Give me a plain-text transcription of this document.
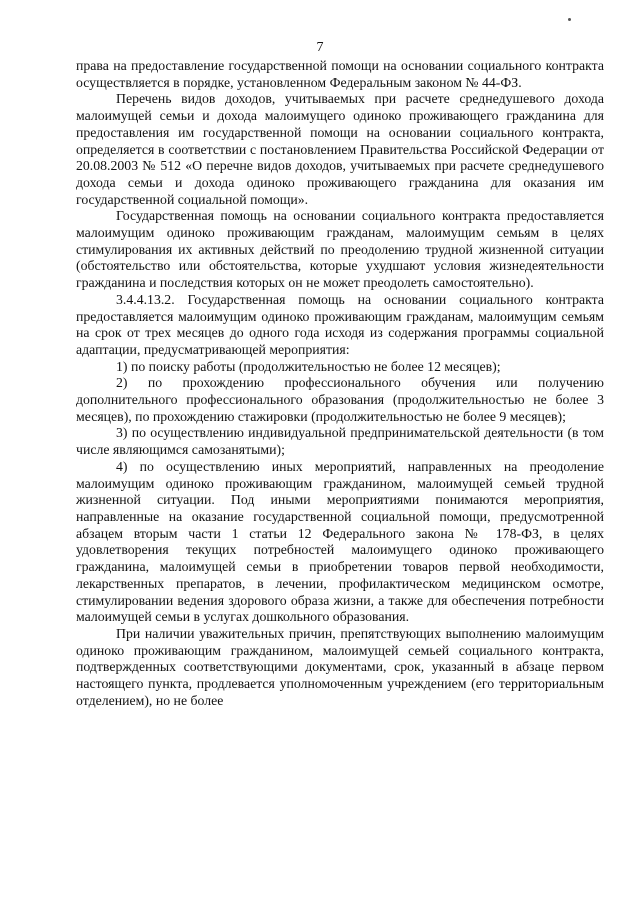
7

права на предоставление государственной помощи на основании социального контракта осуществляется в порядке, установленном Федеральным законом № 44-ФЗ.

Перечень видов доходов, учитываемых при расчете среднедушевого дохода малоимущей семьи и дохода малоимущего одиноко проживающего гражданина для предоставления им государственной помощи на основании социального контракта, определяется в соответствии с постановлением Правительства Российской Федерации от 20.08.2003 № 512 «О перечне видов доходов, учитываемых при расчете среднедушевого дохода семьи и дохода одиноко проживающего гражданина для оказания им государственной социальной помощи».

Государственная помощь на основании социального контракта предоставляется малоимущим одиноко проживающим гражданам, малоимущим семьям в целях стимулирования их активных действий по преодолению трудной жизненной ситуации (обстоятельство или обстоятельства, которые ухудшают условия жизнедеятельности гражданина и последствия которых он не может преодолеть самостоятельно).

3.4.4.13.2. Государственная помощь на основании социального контракта предоставляется малоимущим одиноко проживающим гражданам, малоимущим семьям на срок от трех месяцев до одного года исходя из содержания программы социальной адаптации, предусматривающей мероприятия:

1) по поиску работы (продолжительностью не более 12 месяцев);

2) по прохождению профессионального обучения или получению дополнительного профессионального образования (продолжительностью не более 3 месяцев), по прохождению стажировки (продолжительностью не более 9 месяцев);

3) по осуществлению индивидуальной предпринимательской деятельности (в том числе являющимся самозанятыми);

4) по осуществлению иных мероприятий, направленных на преодоление малоимущим одиноко проживающим гражданином, малоимущей семьей трудной жизненной ситуации. Под иными мероприятиями понимаются мероприятия, направленные на оказание государственной социальной помощи, предусмотренной абзацем вторым части 1 статьи 12 Федерального закона № 178-ФЗ, в целях удовлетворения текущих потребностей малоимущего одиноко проживающего гражданина, малоимущей семьи в приобретении товаров первой необходимости, лекарственных препаратов, в лечении, профилактическом медицинском осмотре, стимулировании ведения здорового образа жизни, а также для обеспечения потребности малоимущей семьи в услугах дошкольного образования.

При наличии уважительных причин, препятствующих выполнению малоимущим одиноко проживающим гражданином, малоимущей семьей социального контракта, подтвержденных соответствующими документами, срок, указанный в абзаце первом настоящего пункта, продлевается уполномоченным учреждением (его территориальным отделением), но не более
